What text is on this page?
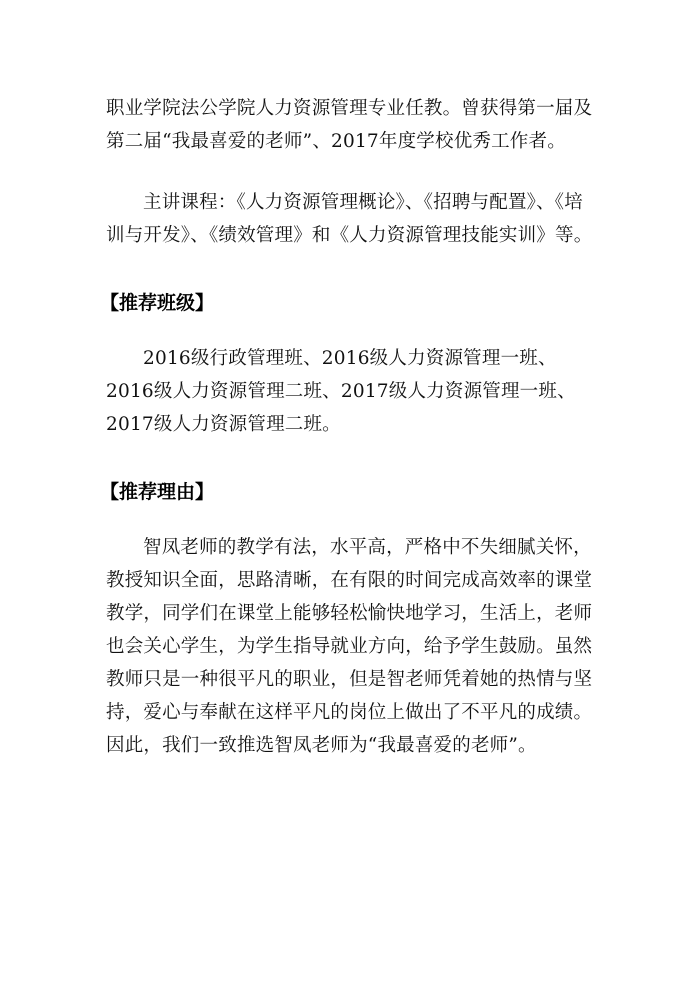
职业学院法公学院人力资源管理专业任教。曾获得第一届及第二届“我最喜爱的老师”、2017年度学校优秀工作者。

主讲课程：《人力资源管理概论》、《招聘与配置》、《培训与开发》、《绩效管理》和《人力资源管理技能实训》等。

【推荐班级】

2016级行政管理班、2016级人力资源管理一班、2016级人力资源管理二班、2017级人力资源管理一班、2017级人力资源管理二班。

【推荐理由】

智凤老师的教学有法，水平高，严格中不失细腻关怀，教授知识全面，思路清晰，在有限的时间完成高效率的课堂教学，同学们在课堂上能够轻松愉快地学习，生活上，老师也会关心学生，为学生指导就业方向，给予学生鼓励。虽然教师只是一种很平凡的职业，但是智老师凭着她的热情与坚持，爱心与奉献在这样平凡的岗位上做出了不平凡的成绩。因此，我们一致推选智凤老师为“我最喜爱的老师”。
